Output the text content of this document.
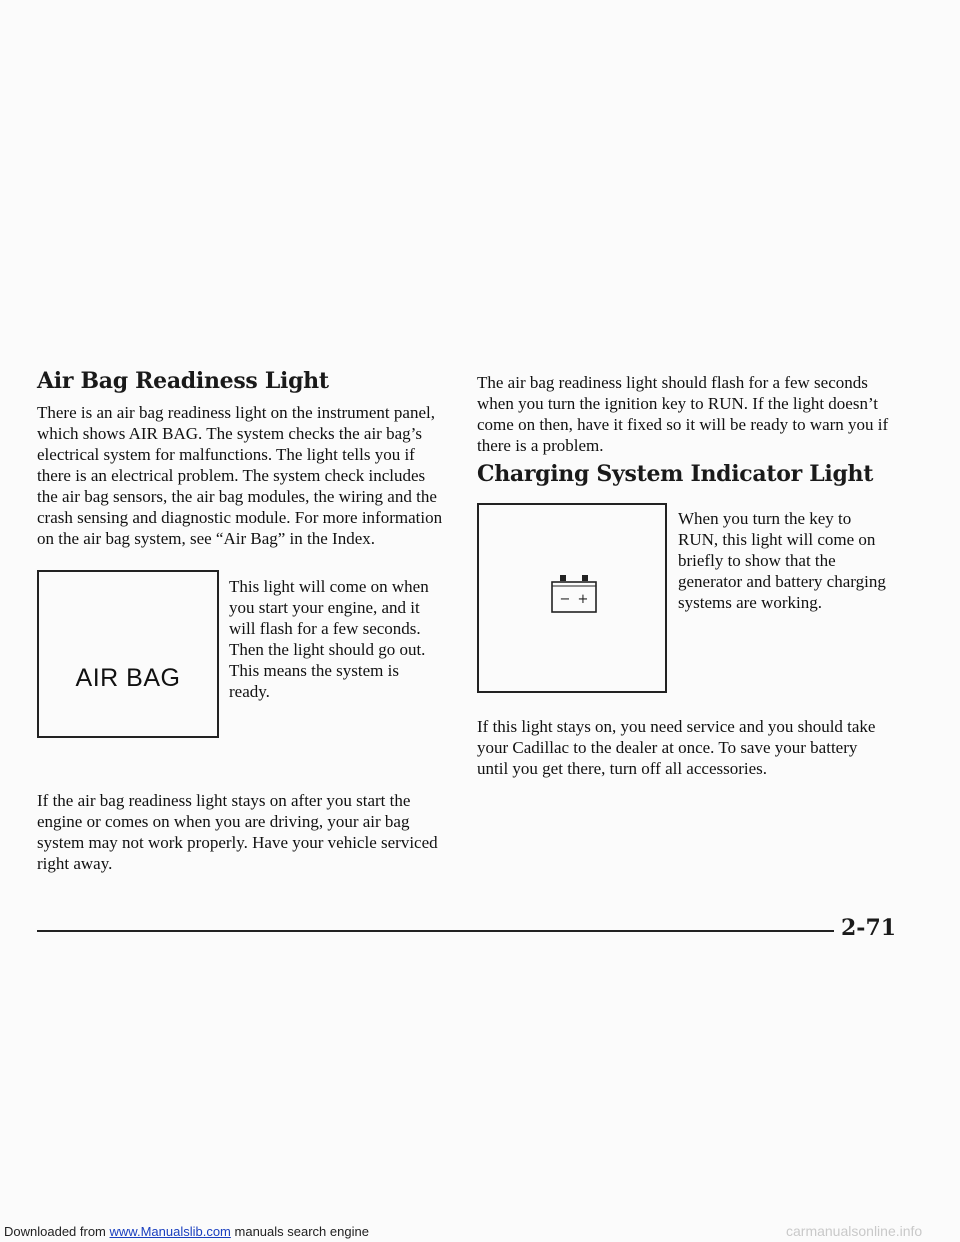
Air Bag Readiness Light

There is an air bag readiness light on the instrument panel, which shows AIR BAG. The system checks the air bag’s electrical system for malfunctions. The light tells you if there is an electrical problem. The system check includes the air bag sensors, the air bag modules, the wiring and the crash sensing and diagnostic module. For more information on the air bag system, see “Air Bag” in the Index.

AIR BAG

This light will come on when you start your engine, and it will flash for a few seconds. Then the light should go out. This means the system is ready.

If the air bag readiness light stays on after you start the engine or comes on when you are driving, your air bag system may not work properly. Have your vehicle serviced right away.

The air bag readiness light should flash for a few seconds when you turn the ignition key to RUN. If the light doesn’t come on then, have it fixed so it will be ready to warn you if there is a problem.

Charging System Indicator Light
− +

When you turn the key to RUN, this light will come on briefly to show that the generator and battery charging systems are working.

If this light stays on, you need service and you should take your Cadillac to the dealer at once. To save your battery until you get there, turn off all accessories.

2-71
Downloaded from www.Manualslib.com manuals search engine	carmanualsonline.info
